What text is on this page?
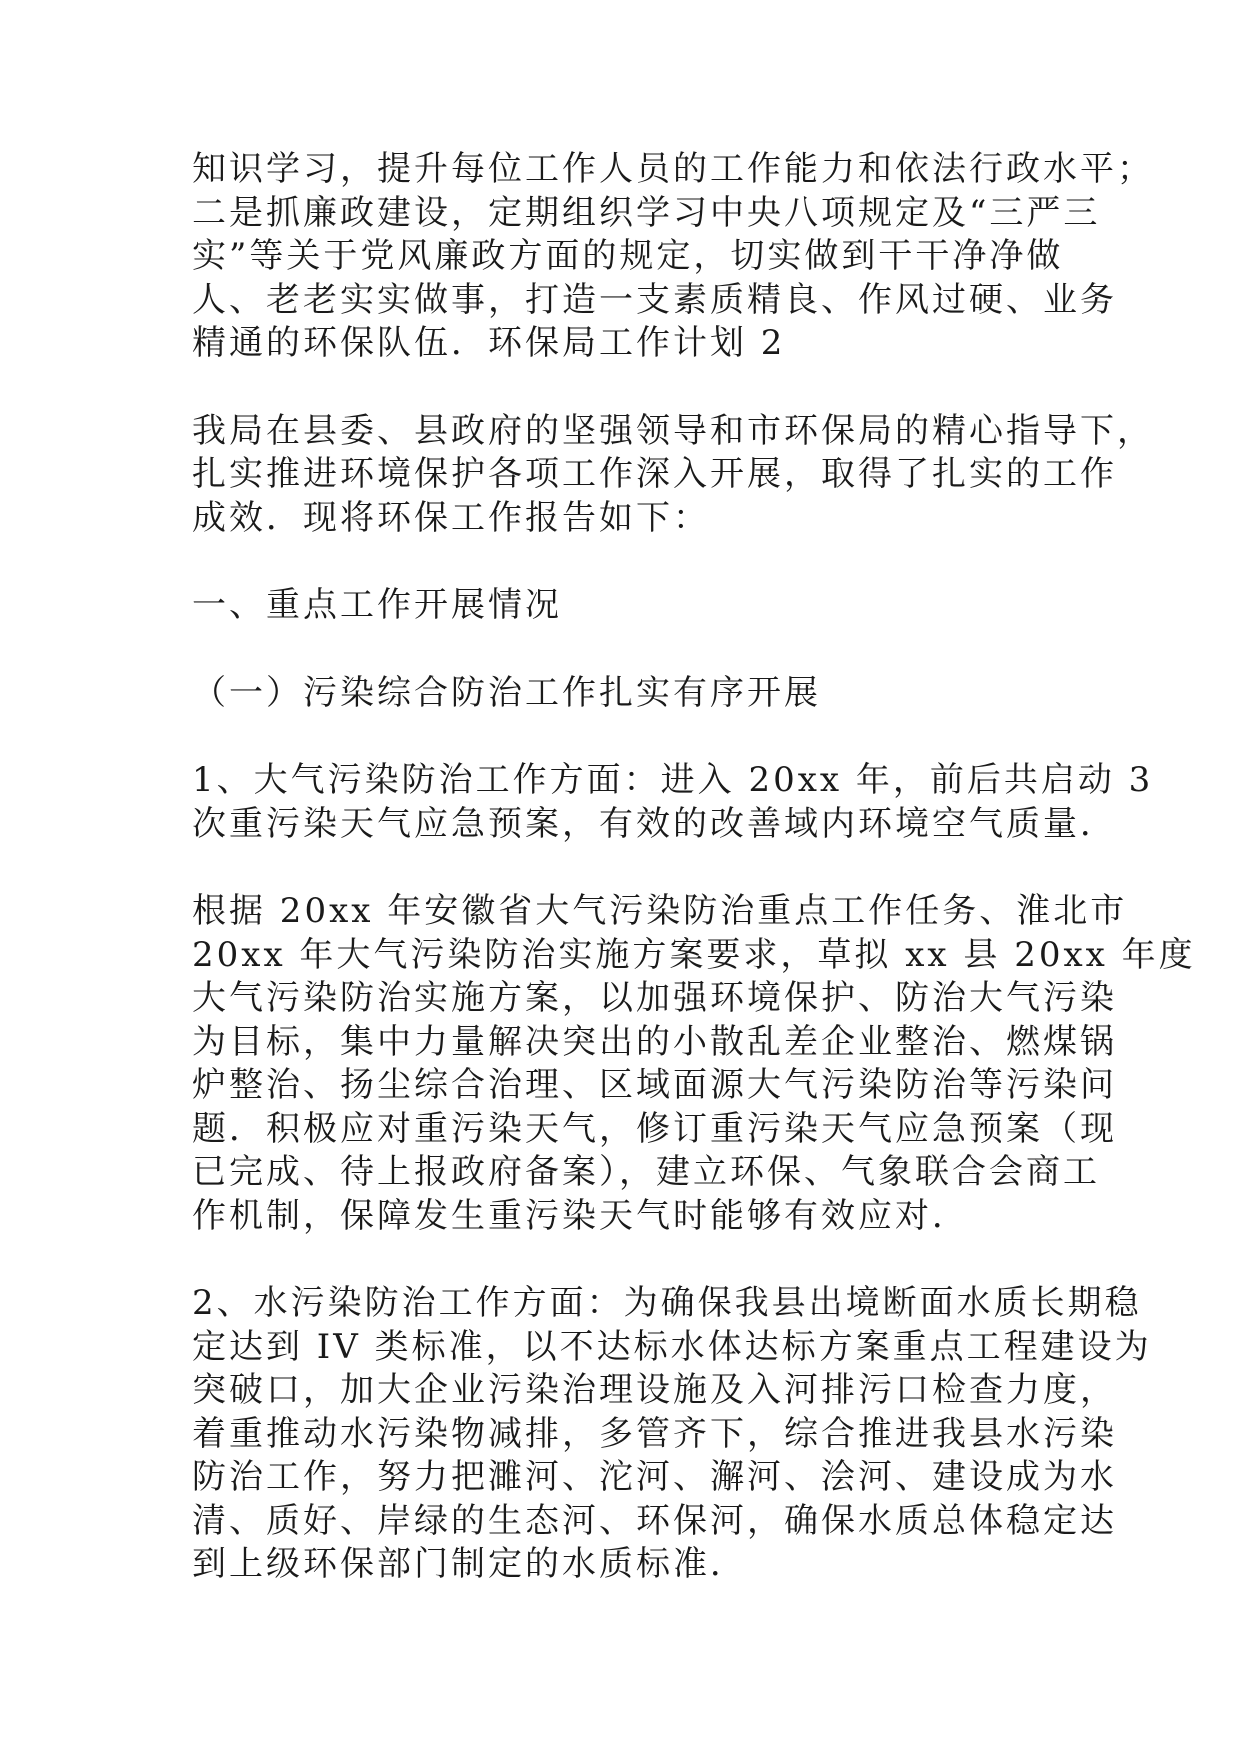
知识学习，提升每位工作人员的工作能力和依法行政水平；
二是抓廉政建设，定期组织学习中央八项规定及“三严三
实”等关于党风廉政方面的规定，切实做到干干净净做
人、老老实实做事，打造一支素质精良、作风过硬、业务
精通的环保队伍．环保局工作计划 2
我局在县委、县政府的坚强领导和市环保局的精心指导下，
扎实推进环境保护各项工作深入开展，取得了扎实的工作
成效．现将环保工作报告如下：
一、重点工作开展情况
（一）污染综合防治工作扎实有序开展
1、大气污染防治工作方面：进入 20xx 年，前后共启动 3
次重污染天气应急预案，有效的改善域内环境空气质量．
根据 20xx 年安徽省大气污染防治重点工作任务、淮北市
20xx 年大气污染防治实施方案要求，草拟 xx 县 20xx 年度
大气污染防治实施方案，以加强环境保护、防治大气污染
为目标，集中力量解决突出的小散乱差企业整治、燃煤锅
炉整治、扬尘综合治理、区域面源大气污染防治等污染问
题．积极应对重污染天气，修订重污染天气应急预案（现
已完成、待上报政府备案），建立环保、气象联合会商工
作机制，保障发生重污染天气时能够有效应对．
2、水污染防治工作方面：为确保我县出境断面水质长期稳
定达到 IV 类标准，以不达标水体达标方案重点工程建设为
突破口，加大企业污染治理设施及入河排污口检查力度，
着重推动水污染物减排，多管齐下，综合推进我县水污染
防治工作，努力把濉河、沱河、澥河、浍河、建设成为水
清、质好、岸绿的生态河、环保河，确保水质总体稳定达
到上级环保部门制定的水质标准．
